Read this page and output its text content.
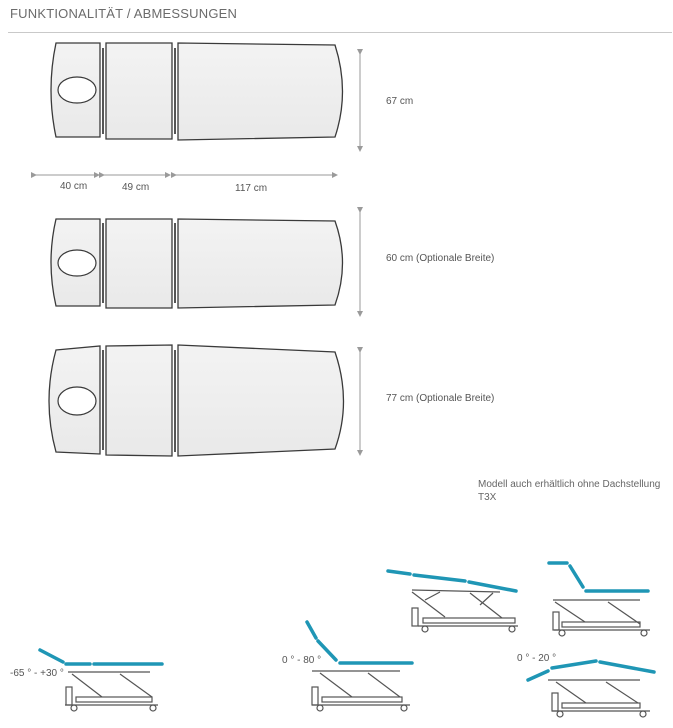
FUNKTIONALITÄT / ABMESSUNGEN
67 cm
40 cm	49 cm	117 cm
60 cm (Optionale Breite)
77 cm (Optionale Breite)
Modell auch erhältlich ohne Dachstellung
T3X
-65 ° - +30 °
0 ° - 80 °	0 ° - 20 °
